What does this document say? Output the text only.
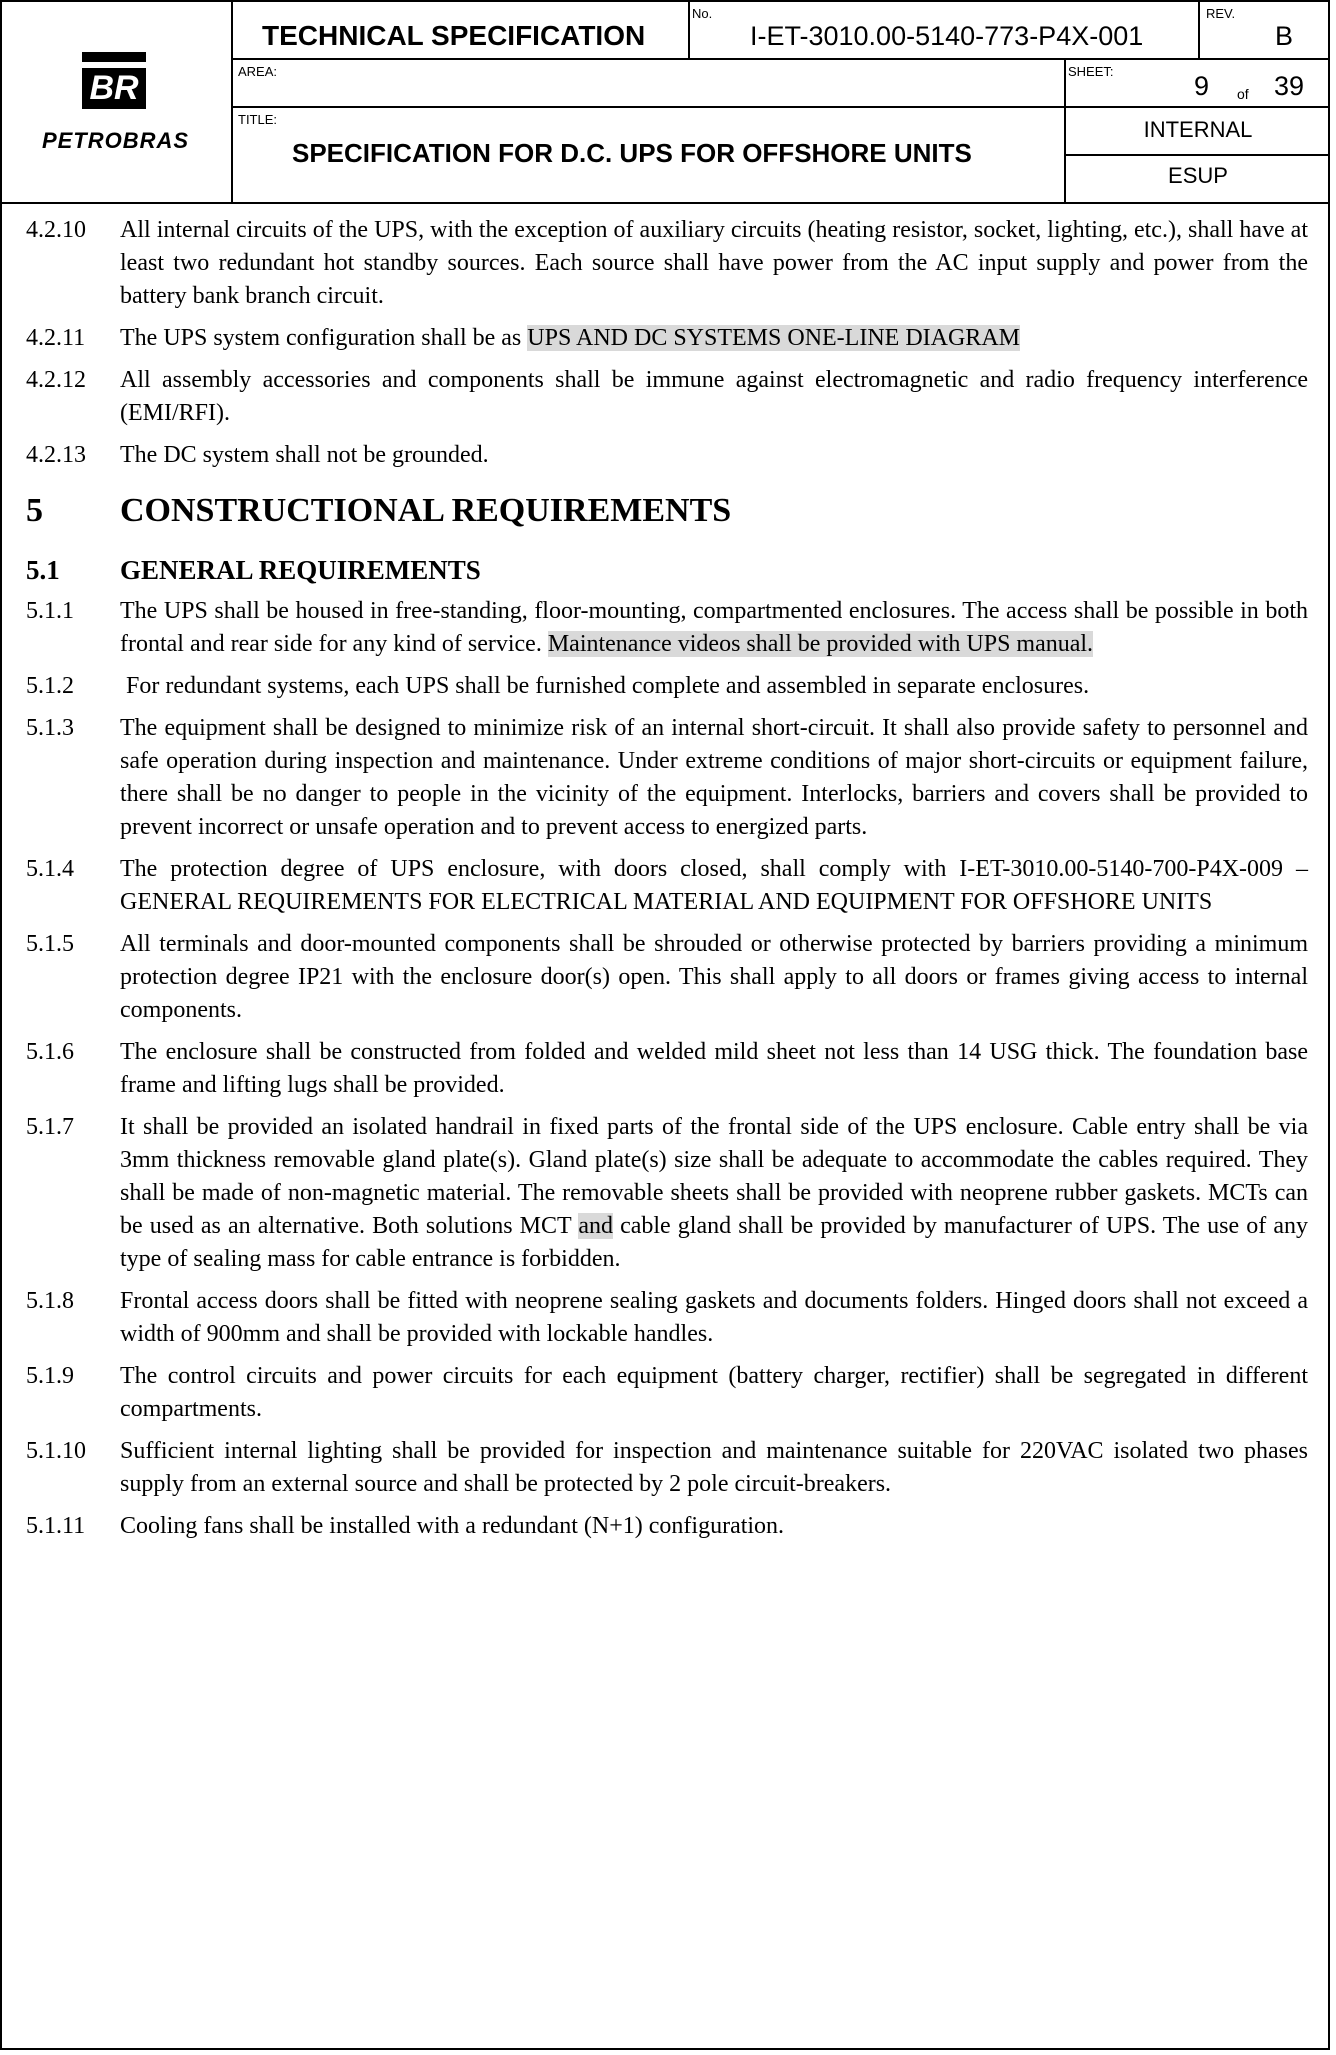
BR
PETROBRAS
TECHNICAL SPECIFICATION
No.
I-ET-3010.00-5140-773-P4X-001
REV.
B
AREA:	SHEET:	9 of 39
TITLE:
SPECIFICATION FOR D.C. UPS FOR OFFSHORE UNITS
INTERNAL
ESUP
4.2.10 All internal circuits of the UPS, with the exception of auxiliary circuits (heating resistor, socket, lighting, etc.), shall have at least two redundant hot standby sources. Each source shall have power from the AC input supply and power from the battery bank branch circuit.
4.2.11 The UPS system configuration shall be as UPS AND DC SYSTEMS ONE-LINE DIAGRAM
4.2.12 All assembly accessories and components shall be immune against electromagnetic and radio frequency interference (EMI/RFI).
4.2.13 The DC system shall not be grounded.
5 CONSTRUCTIONAL REQUIREMENTS
5.1 GENERAL REQUIREMENTS
5.1.1 The UPS shall be housed in free-standing, floor-mounting, compartmented enclosures. The access shall be possible in both frontal and rear side for any kind of service. Maintenance videos shall be provided with UPS manual.
5.1.2 For redundant systems, each UPS shall be furnished complete and assembled in separate enclosures.
5.1.3 The equipment shall be designed to minimize risk of an internal short-circuit. It shall also provide safety to personnel and safe operation during inspection and maintenance. Under extreme conditions of major short-circuits or equipment failure, there shall be no danger to people in the vicinity of the equipment. Interlocks, barriers and covers shall be provided to prevent incorrect or unsafe operation and to prevent access to energized parts.
5.1.4 The protection degree of UPS enclosure, with doors closed, shall comply with I-ET-3010.00-5140-700-P4X-009 – GENERAL REQUIREMENTS FOR ELECTRICAL MATERIAL AND EQUIPMENT FOR OFFSHORE UNITS
5.1.5 All terminals and door-mounted components shall be shrouded or otherwise protected by barriers providing a minimum protection degree IP21 with the enclosure door(s) open. This shall apply to all doors or frames giving access to internal components.
5.1.6 The enclosure shall be constructed from folded and welded mild sheet not less than 14 USG thick. The foundation base frame and lifting lugs shall be provided.
5.1.7 It shall be provided an isolated handrail in fixed parts of the frontal side of the UPS enclosure. Cable entry shall be via 3mm thickness removable gland plate(s). Gland plate(s) size shall be adequate to accommodate the cables required. They shall be made of non-magnetic material. The removable sheets shall be provided with neoprene rubber gaskets. MCTs can be used as an alternative. Both solutions MCT and cable gland shall be provided by manufacturer of UPS. The use of any type of sealing mass for cable entrance is forbidden.
5.1.8 Frontal access doors shall be fitted with neoprene sealing gaskets and documents folders. Hinged doors shall not exceed a width of 900mm and shall be provided with lockable handles.
5.1.9 The control circuits and power circuits for each equipment (battery charger, rectifier) shall be segregated in different compartments.
5.1.10 Sufficient internal lighting shall be provided for inspection and maintenance suitable for 220VAC isolated two phases supply from an external source and shall be protected by 2 pole circuit-breakers.
5.1.11 Cooling fans shall be installed with a redundant (N+1) configuration.
